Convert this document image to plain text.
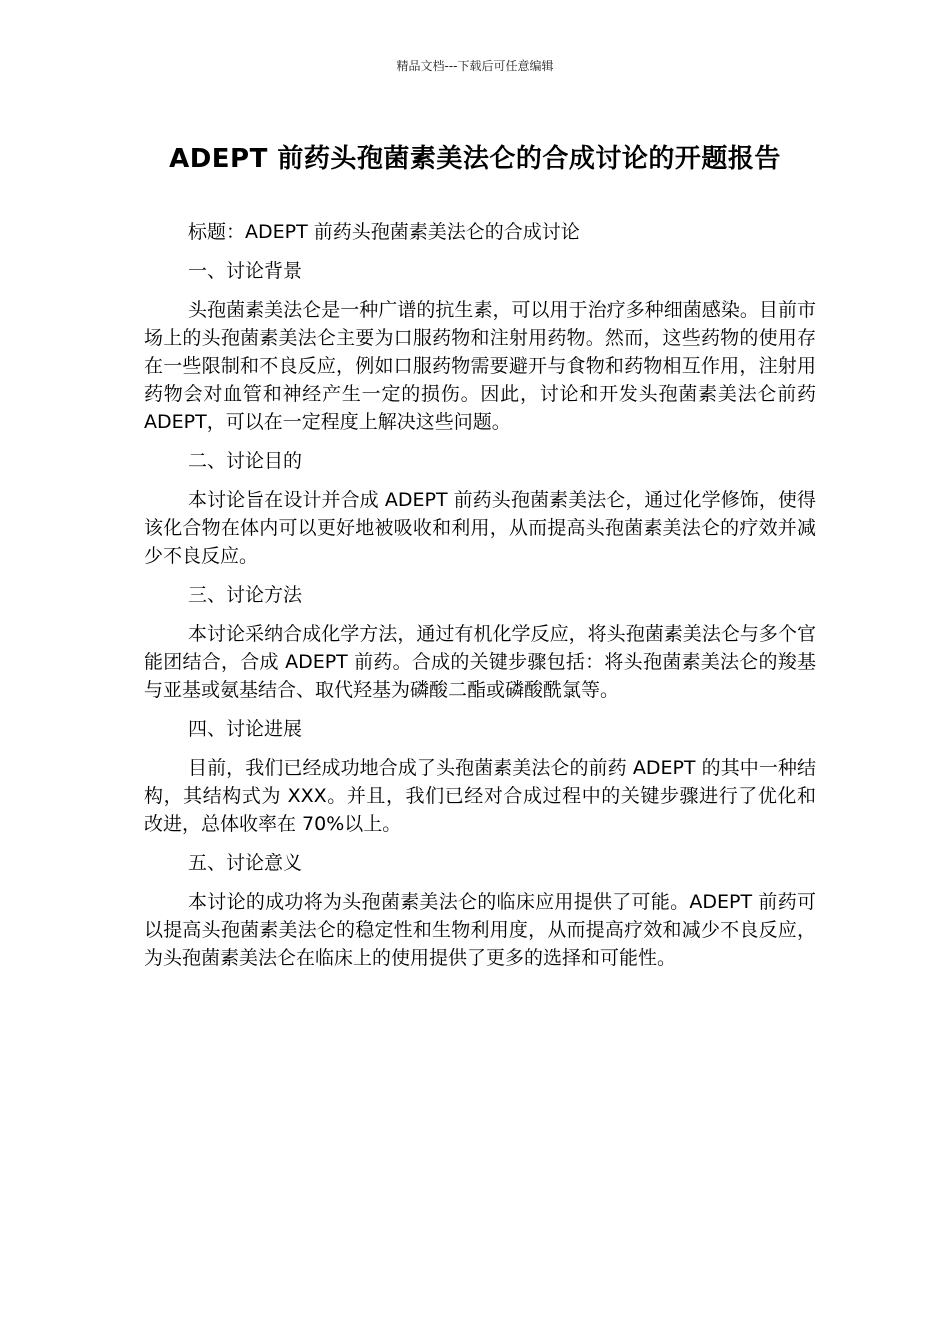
精品文档---下载后可任意编辑
ADEPT 前药头孢菌素美法仑的合成讨论的开题报告

标题：ADEPT 前药头孢菌素美法仑的合成讨论

一、讨论背景

头孢菌素美法仑是一种广谱的抗生素，可以用于治疗多种细菌感染。目前市场上的头孢菌素美法仑主要为口服药物和注射用药物。然而，这些药物的使用存在一些限制和不良反应，例如口服药物需要避开与食物和药物相互作用，注射用药物会对血管和神经产生一定的损伤。因此，讨论和开发头孢菌素美法仑前药 ADEPT，可以在一定程度上解决这些问题。

二、讨论目的

本讨论旨在设计并合成 ADEPT 前药头孢菌素美法仑，通过化学修饰，使得该化合物在体内可以更好地被吸收和利用，从而提高头孢菌素美法仑的疗效并减少不良反应。

三、讨论方法

本讨论采纳合成化学方法，通过有机化学反应，将头孢菌素美法仑与多个官能团结合，合成 ADEPT 前药。合成的关键步骤包括：将头孢菌素美法仑的羧基与亚基或氨基结合、取代羟基为磷酸二酯或磷酸酰氯等。

四、讨论进展

目前，我们已经成功地合成了头孢菌素美法仑的前药 ADEPT 的其中一种结构，其结构式为 XXX。并且，我们已经对合成过程中的关键步骤进行了优化和改进，总体收率在 70%以上。

五、讨论意义

本讨论的成功将为头孢菌素美法仑的临床应用提供了可能。ADEPT 前药可以提高头孢菌素美法仑的稳定性和生物利用度，从而提高疗效和减少不良反应，为头孢菌素美法仑在临床上的使用提供了更多的选择和可能性。
